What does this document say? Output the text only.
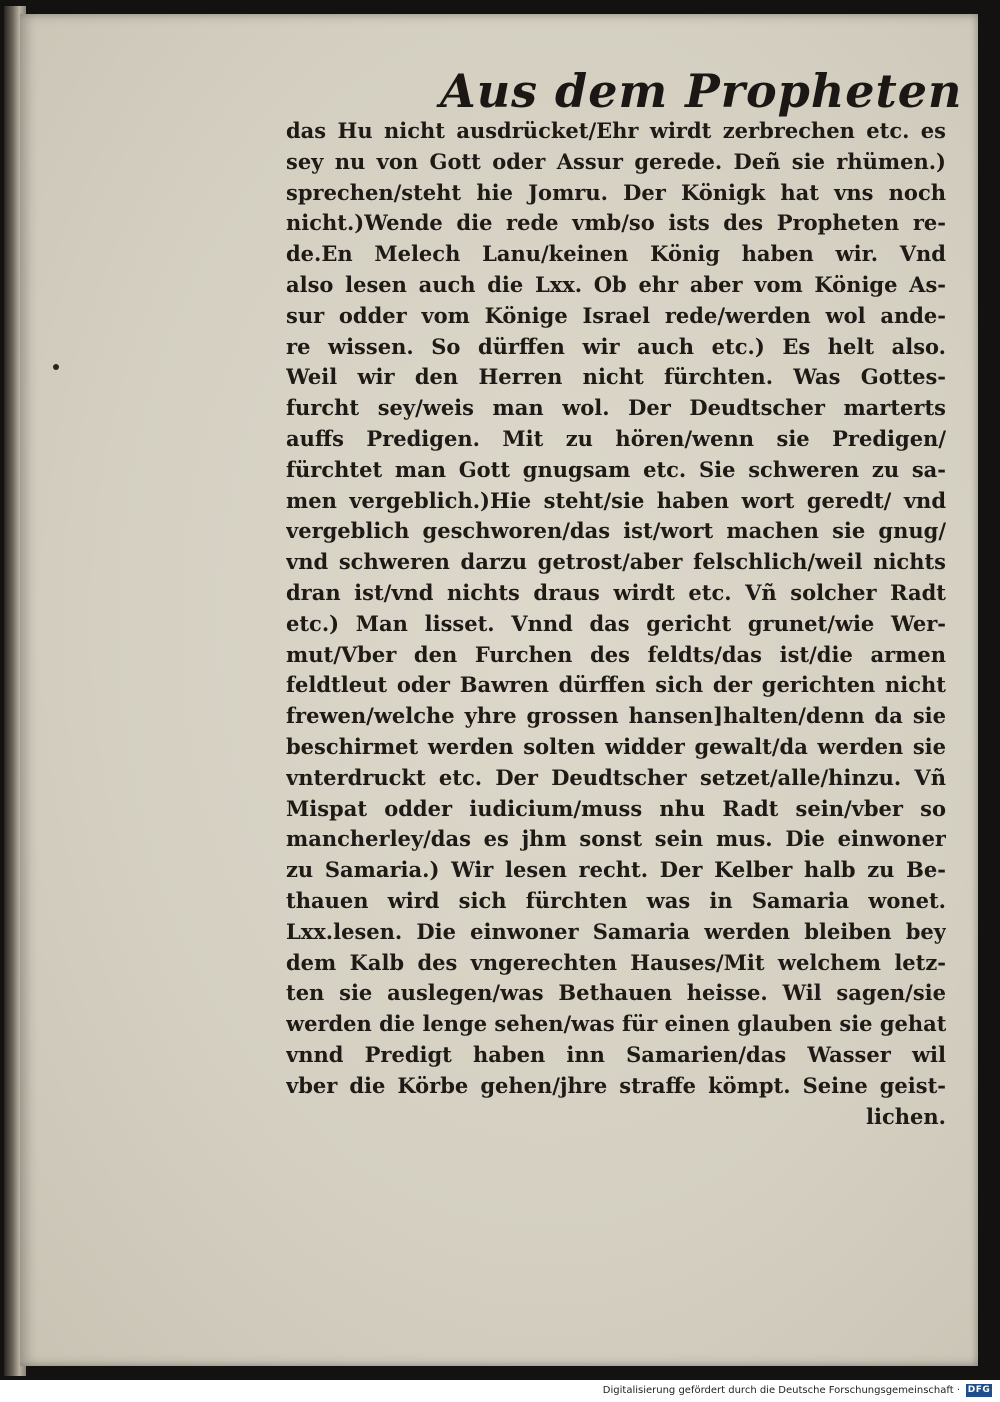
Aus dem Propheten
das Hu nicht ausdrücket/Ehr wirdt zerbrechen etc. es
sey nu von Gott oder Assur gerede. Deñ sie rhümen.)
sprechen/steht hie Jomru. Der Königk hat vns noch
nicht.)Wende die rede vmb/so ists des Propheten re-
de.En Melech Lanu/keinen König haben wir. Vnd
also lesen auch die Lxx. Ob ehr aber vom Könige As-
sur odder vom Könige Israel rede/werden wol ande-
re wissen. So dürffen wir auch etc.) Es helt also.
Weil wir den Herren nicht fürchten. Was Gottes-
furcht sey/weis man wol. Der Deudtscher marterts
auffs Predigen. Mit zu hören/wenn sie Predigen/
fürchtet man Gott gnugsam etc. Sie schweren zu sa-
men vergeblich.)Hie steht/sie haben wort geredt/ vnd
vergeblich geschworen/das ist/wort machen sie gnug/
vnd schweren darzu getrost/aber felschlich/weil nichts
dran ist/vnd nichts draus wirdt etc. Vñ solcher Radt
etc.) Man lisset. Vnnd das gericht grunet/wie Wer-
mut/Vber den Furchen des feldts/das ist/die armen
feldtleut oder Bawren dürffen sich der gerichten nicht
frewen/welche yhre grossen hansen]halten/denn da sie
beschirmet werden solten widder gewalt/da werden sie
vnterdruckt etc. Der Deudtscher setzet/alle/hinzu. Vñ
Mispat odder iudicium/muss nhu Radt sein/vber so
mancherley/das es jhm sonst sein mus. Die einwoner
zu Samaria.) Wir lesen recht. Der Kelber halb zu Be-
thauen wird sich fürchten was in Samaria wonet.
Lxx.lesen. Die einwoner Samaria werden bleiben bey
dem Kalb des vngerechten Hauses/Mit welchem letz-
ten sie auslegen/was Bethauen heisse. Wil sagen/sie
werden die lenge sehen/was für einen glauben sie gehat
vnnd Predigt haben inn Samarien/das Wasser wil
vber die Körbe gehen/jhre straffe kömpt. Seine geist-
lichen.
Digitalisierung gefördert durch die Deutsche Forschungsgemeinschaft · DFG
